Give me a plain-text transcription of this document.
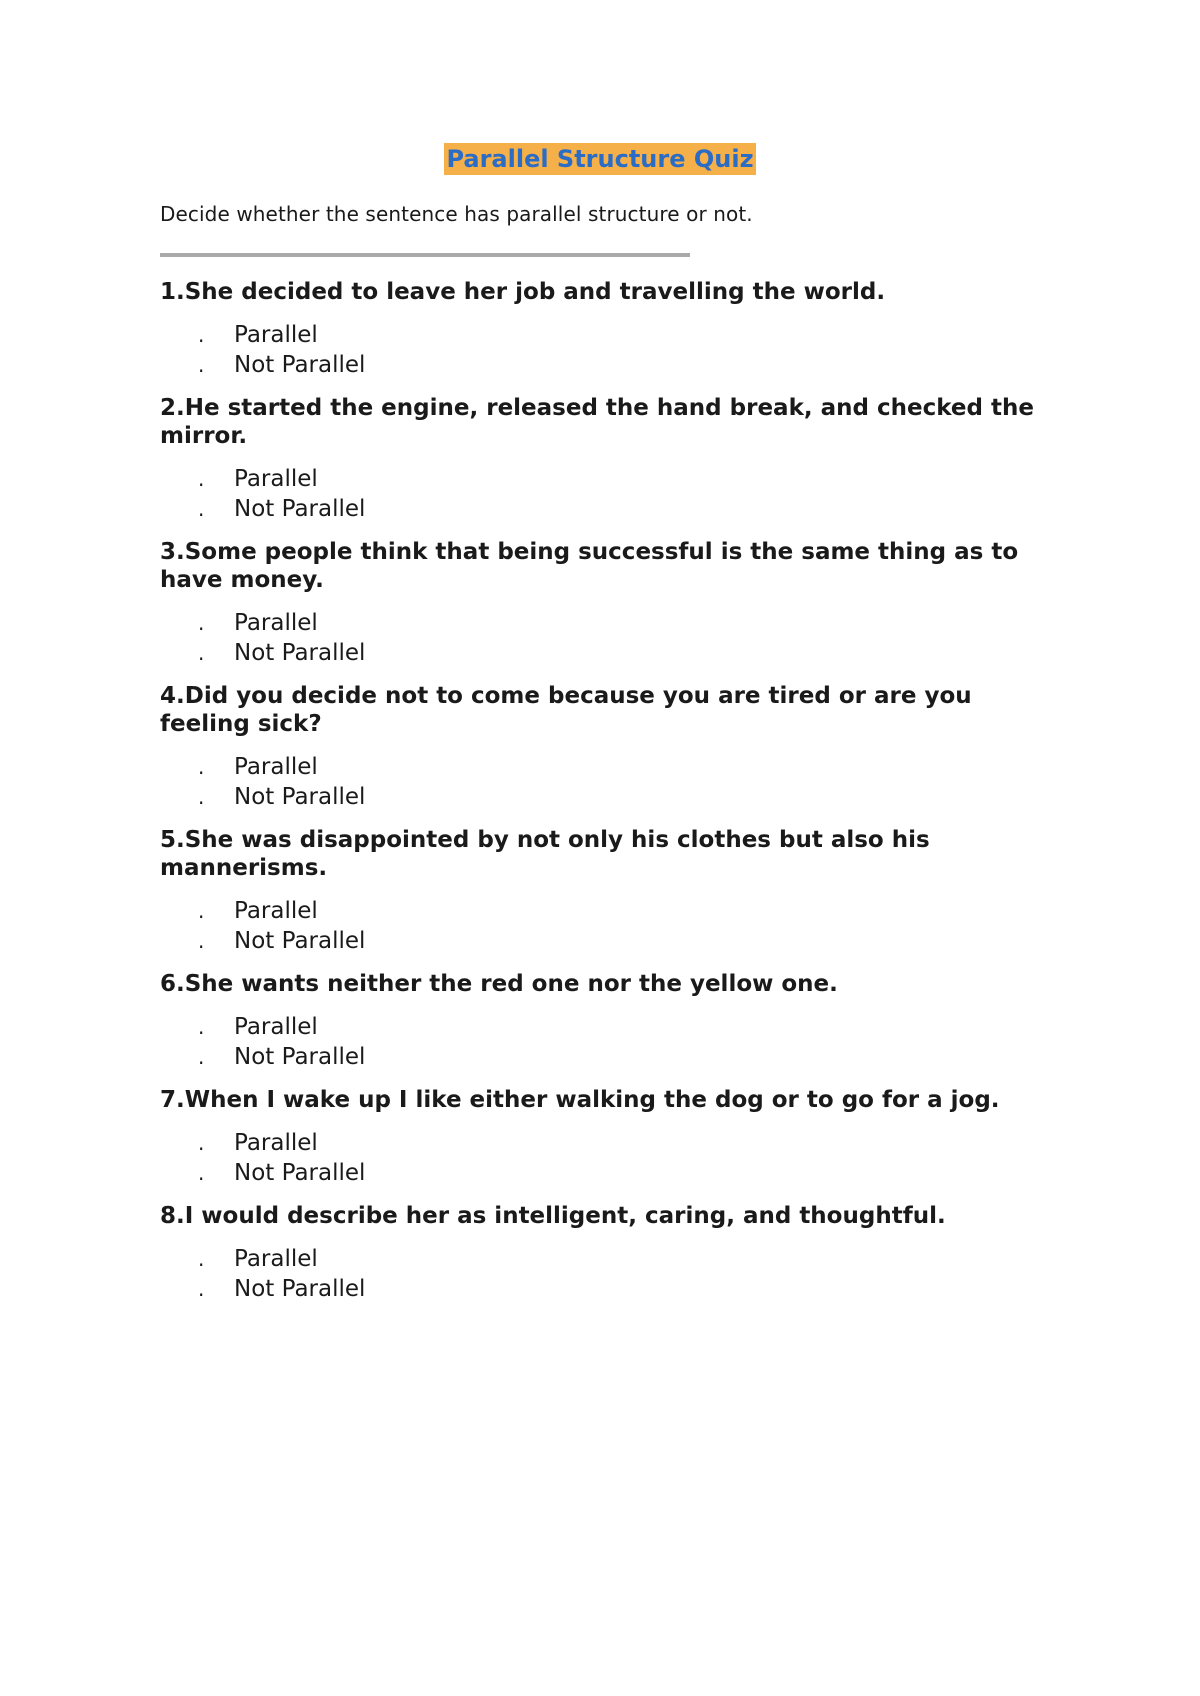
Parallel Structure Quiz
Decide whether the sentence has parallel structure or not.
1.She decided to leave her job and travelling the world.
.	Parallel
.	Not Parallel
2.He started the engine, released the hand break, and checked the mirror.
.	Parallel
.	Not Parallel
3.Some people think that being successful is the same thing as to have money.
.	Parallel
.	Not Parallel
4.Did you decide not to come because you are tired or are you feeling sick?
.	Parallel
.	Not Parallel
5.She was disappointed by not only his clothes but also his mannerisms.
.	Parallel
.	Not Parallel
6.She wants neither the red one nor the yellow one.
.	Parallel
.	Not Parallel
7.When I wake up I like either walking the dog or to go for a jog.
.	Parallel
.	Not Parallel
8.I would describe her as intelligent, caring, and thoughtful.
.	Parallel
.	Not Parallel
